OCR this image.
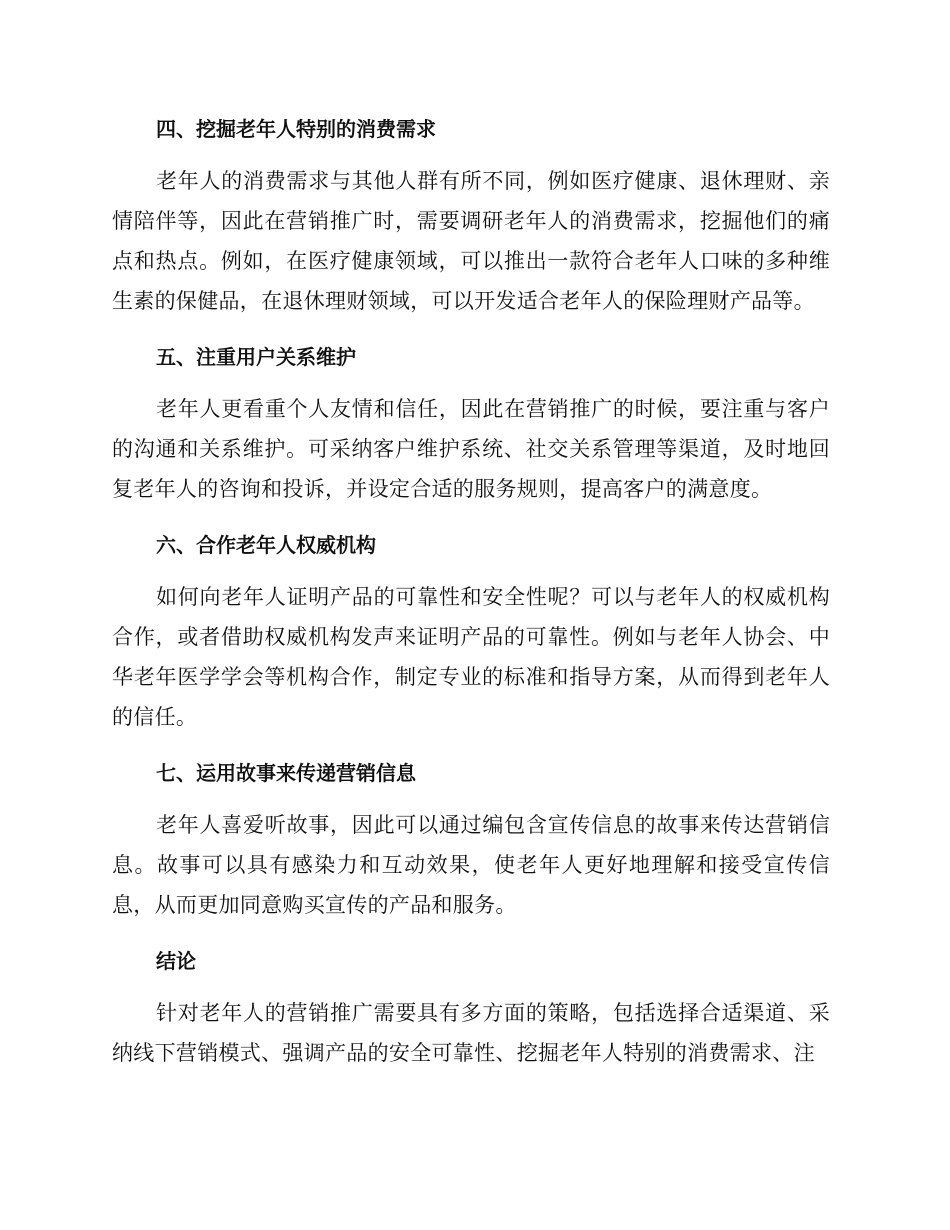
四、挖掘老年人特别的消费需求

老年人的消费需求与其他人群有所不同，例如医疗健康、退休理财、亲情陪伴等，因此在营销推广时，需要调研老年人的消费需求，挖掘他们的痛点和热点。例如，在医疗健康领域，可以推出一款符合老年人口味的多种维生素的保健品，在退休理财领域，可以开发适合老年人的保险理财产品等。

五、注重用户关系维护

老年人更看重个人友情和信任，因此在营销推广的时候，要注重与客户的沟通和关系维护。可采纳客户维护系统、社交关系管理等渠道，及时地回复老年人的咨询和投诉，并设定合适的服务规则，提高客户的满意度。

六、合作老年人权威机构

如何向老年人证明产品的可靠性和安全性呢？可以与老年人的权威机构合作，或者借助权威机构发声来证明产品的可靠性。例如与老年人协会、中华老年医学学会等机构合作，制定专业的标准和指导方案，从而得到老年人的信任。

七、运用故事来传递营销信息

老年人喜爱听故事，因此可以通过编包含宣传信息的故事来传达营销信息。故事可以具有感染力和互动效果，使老年人更好地理解和接受宣传信息，从而更加同意购买宣传的产品和服务。

结论

针对老年人的营销推广需要具有多方面的策略，包括选择合适渠道、采纳线下营销模式、强调产品的安全可靠性、挖掘老年人特别的消费需求、注
